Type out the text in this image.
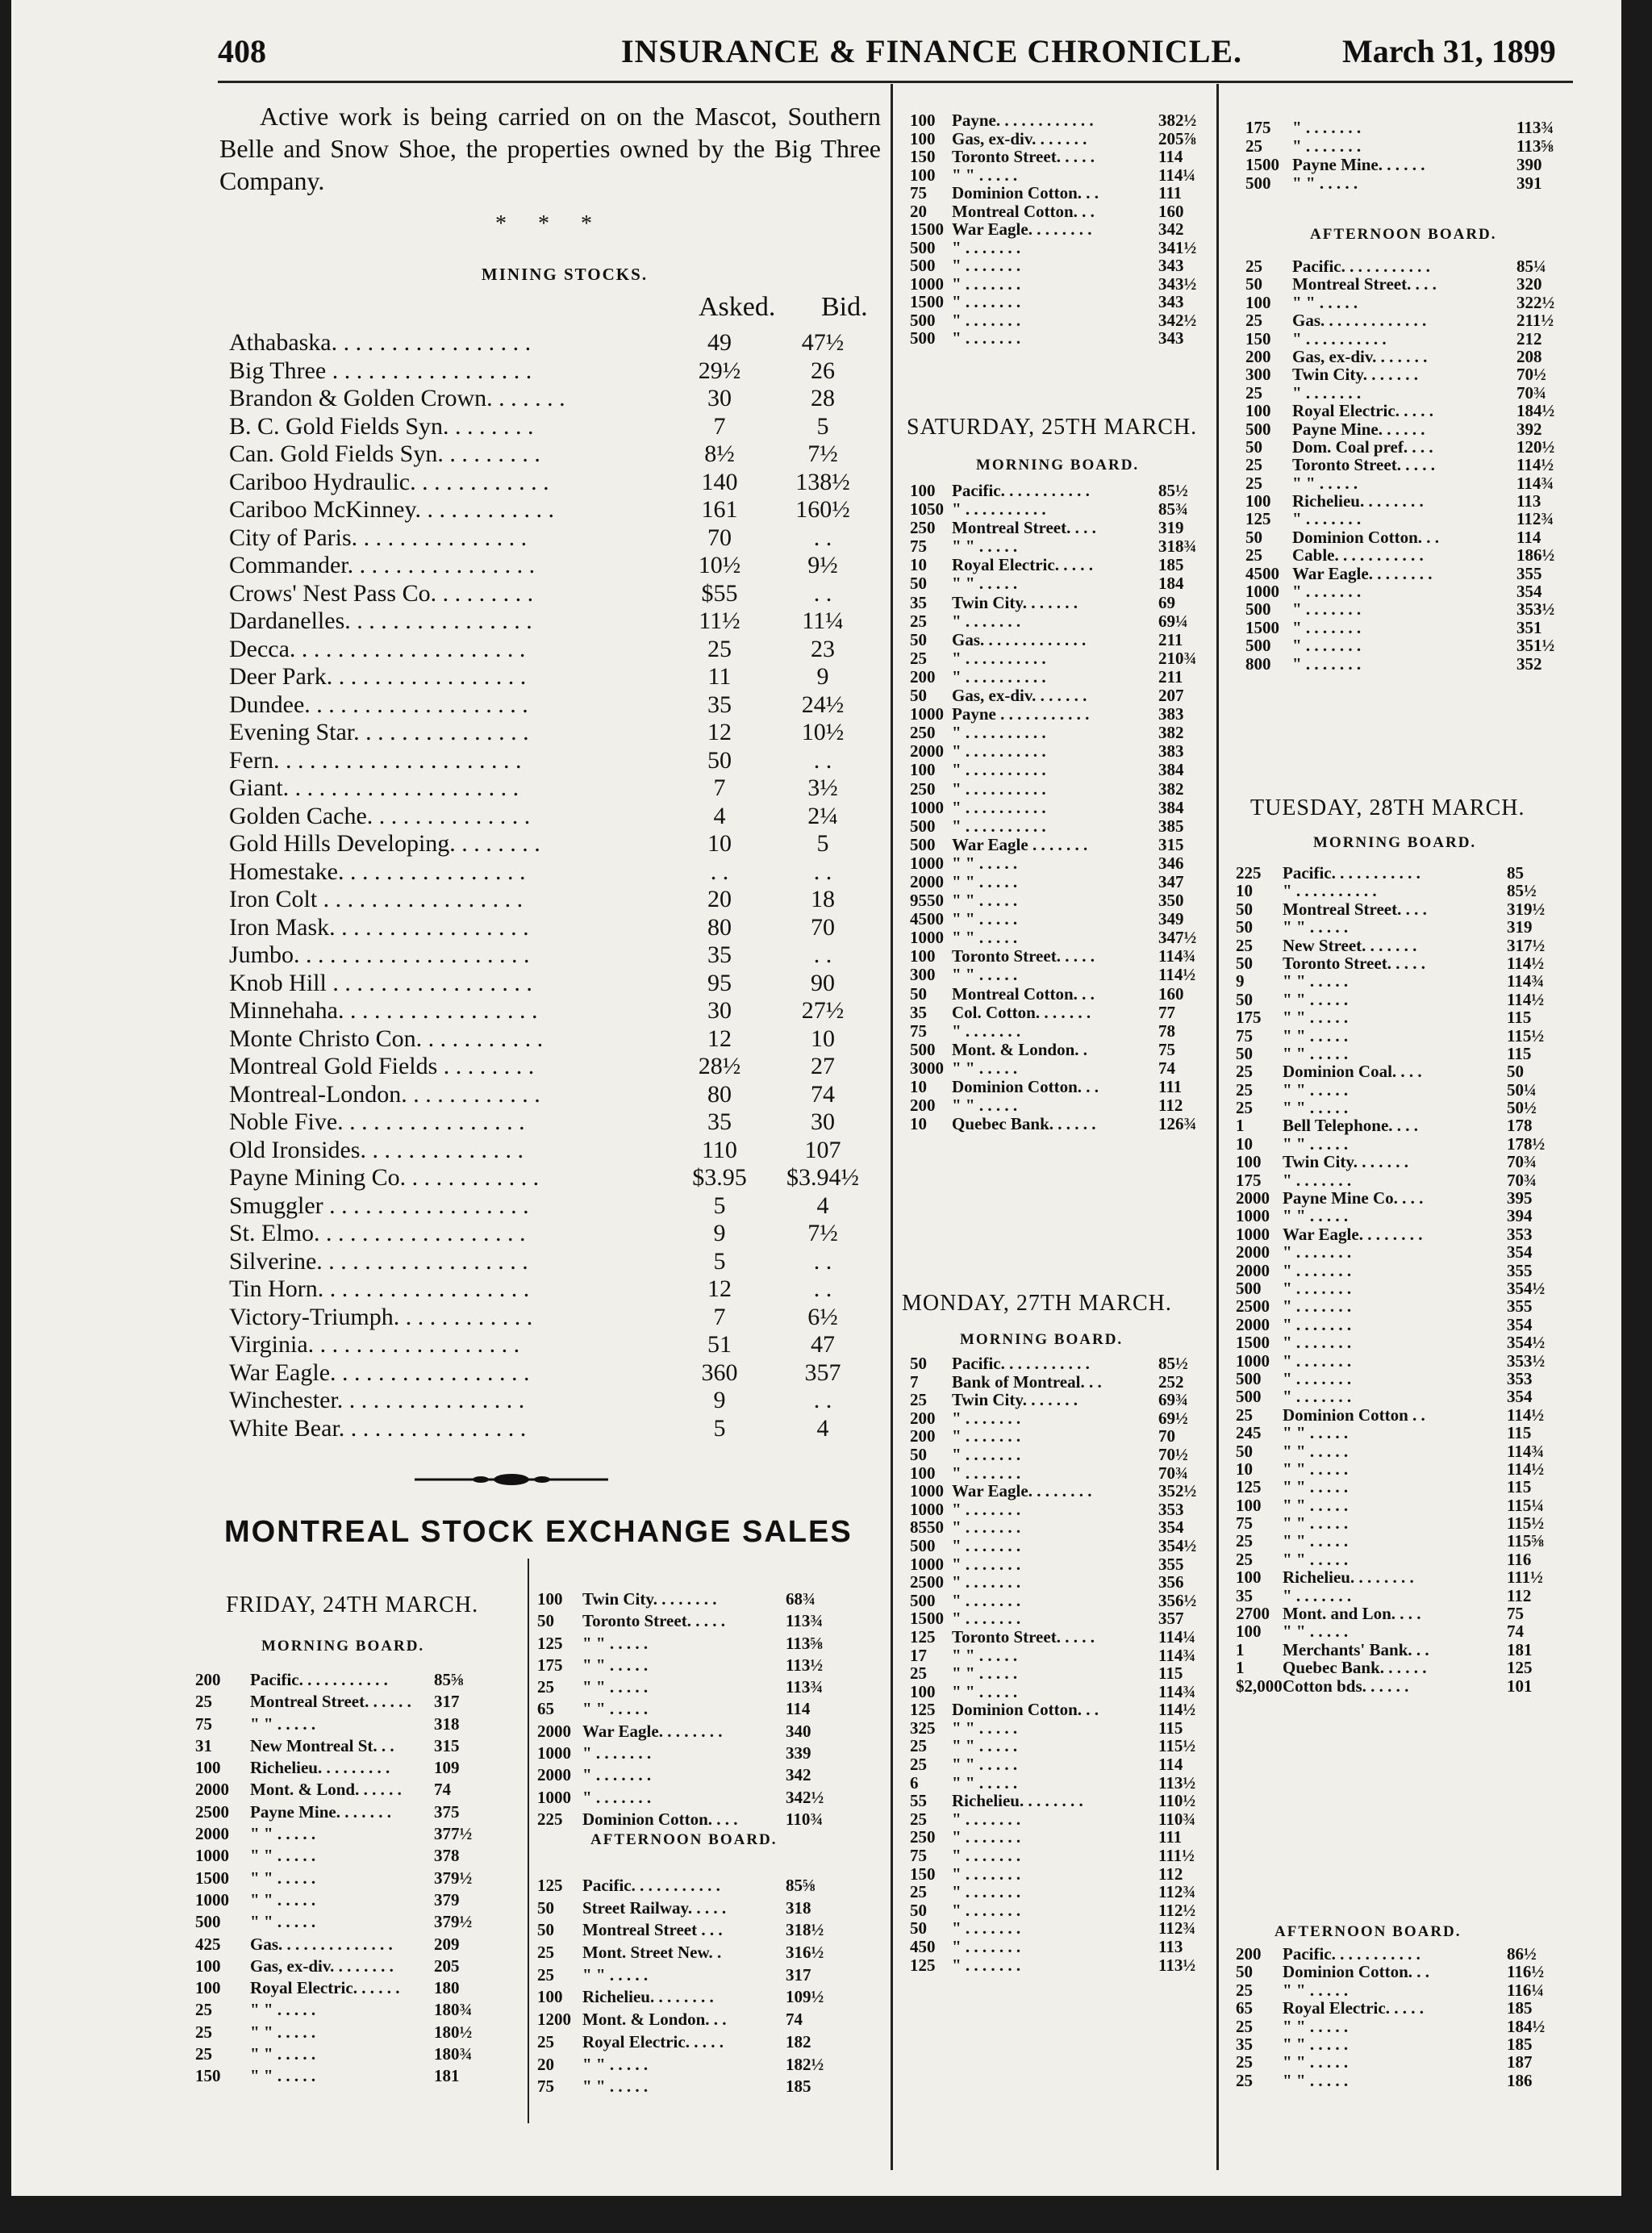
408	INSURANCE & FINANCE CHRONICLE.	March 31, 1899
Active work is being carried on on the Mascot, Southern Belle and Snow Shoe, the properties owned by the Big Three Company.
* * *
MINING STOCKS.
Asked. Bid.
Athabaska. . . . . . . . . . . . . . . . .	49	47½
Big Three . . . . . . . . . . . . . . . . .	29½	26
Brandon & Golden Crown. . . . . . .	30	28
B. C. Gold Fields Syn. . . . . . . .	7	5
Can. Gold Fields Syn. . . . . . . . .	8½	7½
Cariboo Hydraulic. . . . . . . . . . . .	140	138½
Cariboo McKinney. . . . . . . . . . . .	161	160½
City of Paris. . . . . . . . . . . . . . .	70	. .
Commander. . . . . . . . . . . . . . . .	10½	9½
Crows' Nest Pass Co. . . . . . . . .	$55	. .
Dardanelles. . . . . . . . . . . . . . . .	11½	11¼
Decca. . . . . . . . . . . . . . . . . . . .	25	23
Deer Park. . . . . . . . . . . . . . . . .	11	9
Dundee. . . . . . . . . . . . . . . . . . .	35	24½
Evening Star. . . . . . . . . . . . . . .	12	10½
Fern. . . . . . . . . . . . . . . . . . . . .	50	. .
Giant. . . . . . . . . . . . . . . . . . . .	7	3½
Golden Cache. . . . . . . . . . . . . .	4	2¼
Gold Hills Developing. . . . . . . .	10	5
Homestake. . . . . . . . . . . . . . . .	. .	. .
Iron Colt . . . . . . . . . . . . . . . . .	20	18
Iron Mask. . . . . . . . . . . . . . . . .	80	70
Jumbo. . . . . . . . . . . . . . . . . . . .	35	. .
Knob Hill . . . . . . . . . . . . . . . . .	95	90
Minnehaha. . . . . . . . . . . . . . . . .	30	27½
Monte Christo Con. . . . . . . . . . .	12	10
Montreal Gold Fields . . . . . . . .	28½	27
Montreal-London. . . . . . . . . . . .	80	74
Noble Five. . . . . . . . . . . . . . . .	35	30
Old Ironsides. . . . . . . . . . . . . .	110	107
Payne Mining Co. . . . . . . . . . . .	$3.95	$3.94½
Smuggler . . . . . . . . . . . . . . . . .	5	4
St. Elmo. . . . . . . . . . . . . . . . . .	9	7½
Silverine. . . . . . . . . . . . . . . . . .	5	. .
Tin Horn. . . . . . . . . . . . . . . . . .	12	. .
Victory-Triumph. . . . . . . . . . . .	7	6½
Virginia. . . . . . . . . . . . . . . . . .	51	47
War Eagle. . . . . . . . . . . . . . . . .	360	357
Winchester. . . . . . . . . . . . . . . .	9	. .
White Bear. . . . . . . . . . . . . . . .	5	4
MONTREAL STOCK EXCHANGE SALES
FRIDAY, 24TH MARCH.
MORNING BOARD.
200 Pacific. . . . . . . . . . .	85⅝
25 Montreal Street. . . . . . 317
75 " " . . . . .	318
31 New Montreal St. . . 315
100 Richelieu. . . . . . . . .	109
2000 Mont. & Lond. . . . . . 74
2500 Payne Mine. . . . . . .	375
2000 " " . . . . .	377½
1000 " " . . . . .	378
1500 " " . . . . .	379½
1000 " " . . . . .	379
500 " " . . . . .	379½
425 Gas. . . . . . . . . . . . . . 209
100 Gas, ex-div. . . . . . . . 205
100 Royal Electric. . . . . . 180
25 " " . . . . .	180¾
25 " " . . . . .	180½
25 " " . . . . .	180¾
150 " " . . . . .	181
100 Twin City. . . . . . . .	68¾
50 Toronto Street. . . . .	113¾
125 " " . . . . .	113⅝
175 " " . . . . .	113½
25 " " . . . . .	113¾
65 " " . . . . .	114
2000 War Eagle. . . . . . . .	340
1000 " . . . . . . .	339
2000 " . . . . . . .	342
1000 " . . . . . . .	342½
225 Dominion Cotton. . . .	110¾
AFTERNOON BOARD.
125 Pacific. . . . . . . . . . .	85⅝
50 Street Railway. . . . .	318
50 Montreal Street . . .	318½
25 Mont. Street New. .	316½
25 " " . . . . .	317
100 Richelieu. . . . . . . .	109½
1200 Mont. & London. . .	74
25 Royal Electric. . . . .	182
20 " " . . . . .	182½
75 " " . . . . .	185
100 Payne. . . . . . . . . . . .	382½
100 Gas, ex-div. . . . . . .	205⅞
150 Toronto Street. . . . .	114
100 " " . . . . .	114¼
75 Dominion Cotton. . .	111
20 Montreal Cotton. . .	160
1500 War Eagle. . . . . . . .	342
500 " . . . . . . .	341½
500 " . . . . . . .	343
1000 " . . . . . . .	343½
1500 " . . . . . . .	343
500 " . . . . . . .	342½
500 " . . . . . . .	343
SATURDAY, 25TH MARCH.
MORNING BOARD.
100 Pacific. . . . . . . . . . .	85½
1050 " . . . . . . . . . .	85¾
250 Montreal Street. . . .	319
75 " " . . . . .	318¾
10 Royal Electric. . . . .	185
50 " " . . . . .	184
35 Twin City. . . . . . .	69
25 " . . . . . . .	69¼
50 Gas. . . . . . . . . . . . .	211
25 " . . . . . . . . . .	210¾
200 " . . . . . . . . . .	211
50 Gas, ex-div. . . . . . .	207
1000 Payne . . . . . . . . . . .	383
250 " . . . . . . . . . .	382
2000 " . . . . . . . . . .	383
100 " . . . . . . . . . .	384
250 " . . . . . . . . . .	382
1000 " . . . . . . . . . .	384
500 " . . . . . . . . . .	385
500 War Eagle . . . . . . .	315
1000 " " . . . . .	346
2000 " " . . . . .	347
9550 " " . . . . .	350
4500 " " . . . . .	349
1000 " " . . . . .	347½
100 Toronto Street. . . . .	114¾
300 " " . . . . .	114½
50 Montreal Cotton. . .	160
35 Col. Cotton. . . . . . .	77
75 " . . . . . . .	78
500 Mont. & London. .	75
3000 " " . . . . .	74
10 Dominion Cotton. . .	111
200 " " . . . . .	112
10 Quebec Bank. . . . . .	126¾
MONDAY, 27TH MARCH.
MORNING BOARD.
50 Pacific. . . . . . . . . . .	85½
7 Bank of Montreal. . .	252
25 Twin City. . . . . . .	69¾
200 " . . . . . . .	69½
200 " . . . . . . .	70
50 " . . . . . . .	70½
100 " . . . . . . .	70¾
1000 War Eagle. . . . . . . .	352½
1000 " . . . . . . .	353
8550 " . . . . . . .	354
500 " . . . . . . .	354½
1000 " . . . . . . .	355
2500 " . . . . . . .	356
500 " . . . . . . .	356½
1500 " . . . . . . .	357
125 Toronto Street. . . . .	114¼
17 " " . . . . .	114¾
25 " " . . . . .	115
100 " " . . . . .	114¾
125 Dominion Cotton. . .	114½
325 " " . . . . .	115
25 " " . . . . .	115½
25 " " . . . . .	114
6 " " . . . . .	113½
55 Richelieu. . . . . . . .	110½
25 " . . . . . . .	110¾
250 " . . . . . . .	111
75 " . . . . . . .	111½
150 " . . . . . . .	112
25 " . . . . . . .	112¾
50 " . . . . . . .	112½
50 " . . . . . . .	112¾
450 " . . . . . . .	113
125 " . . . . . . .	113½
175 " . . . . . . .	113¾
25 " . . . . . . .	113⅝
1500 Payne Mine. . . . . .	390
500 " " . . . . .	391
AFTERNOON BOARD.
25 Pacific. . . . . . . . . . .	85¼
50 Montreal Street. . . .	320
100 " " . . . . .	322½
25 Gas. . . . . . . . . . . . .	211½
150 " . . . . . . . . . .	212
200 Gas, ex-div. . . . . . .	208
300 Twin City. . . . . . .	70½
25 " . . . . . . .	70¾
100 Royal Electric. . . . .	184½
500 Payne Mine. . . . . .	392
50 Dom. Coal pref. . . .	120½
25 Toronto Street. . . . .	114½
25 " " . . . . .	114¾
100 Richelieu. . . . . . . .	113
125 " . . . . . . .	112¾
50 Dominion Cotton. . .	114
25 Cable. . . . . . . . . . .	186½
4500 War Eagle. . . . . . . .	355
1000 " . . . . . . .	354
500 " . . . . . . .	353½
1500 " . . . . . . .	351
500 " . . . . . . .	351½
800 " . . . . . . .	352
TUESDAY, 28TH MARCH.
MORNING BOARD.
225 Pacific. . . . . . . . . . .	85
10 " . . . . . . . . . .	85½
50 Montreal Street. . . .	319½
50 " " . . . . .	319
25 New Street. . . . . . .	317½
50 Toronto Street. . . . .	114½
9 " " . . . . .	114¾
50 " " . . . . .	114½
175 " " . . . . .	115
75 " " . . . . .	115½
50 " " . . . . .	115
25 Dominion Coal. . . .	50
25 " " . . . . .	50¼
25 " " . . . . .	50½
1 Bell Telephone. . . .	178
10 " " . . . . .	178½
100 Twin City. . . . . . .	70¾
175 " . . . . . . .	70¾
2000 Payne Mine Co. . . .	395
1000 " " . . . . .	394
1000 War Eagle. . . . . . . .	353
2000 " . . . . . . .	354
2000 " . . . . . . .	355
500 " . . . . . . .	354½
2500 " . . . . . . .	355
2000 " . . . . . . .	354
1500 " . . . . . . .	354½
1000 " . . . . . . .	353½
500 " . . . . . . .	353
500 " . . . . . . .	354
25 Dominion Cotton . .	114½
245 " " . . . . .	115
50 " " . . . . .	114¾
10 " " . . . . .	114½
125 " " . . . . .	115
100 " " . . . . .	115¼
75 " " . . . . .	115½
25 " " . . . . .	115⅝
25 " " . . . . .	116
100 Richelieu. . . . . . . .	111½
35 " . . . . . . .	112
2700 Mont. and Lon. . . .	75
100 " " . . . . .	74
1 Merchants' Bank. . .	181
1 Quebec Bank. . . . . .	125
$2,000 Cotton bds. . . . . .	101
AFTERNOON BOARD.
200 Pacific. . . . . . . . . . .	86½
50 Dominion Cotton. . .	116½
25 " " . . . . .	116¼
65 Royal Electric. . . . .	185
25 " " . . . . .	184½
35 " " . . . . .	185
25 " " . . . . .	187
25 " " . . . . .	186
